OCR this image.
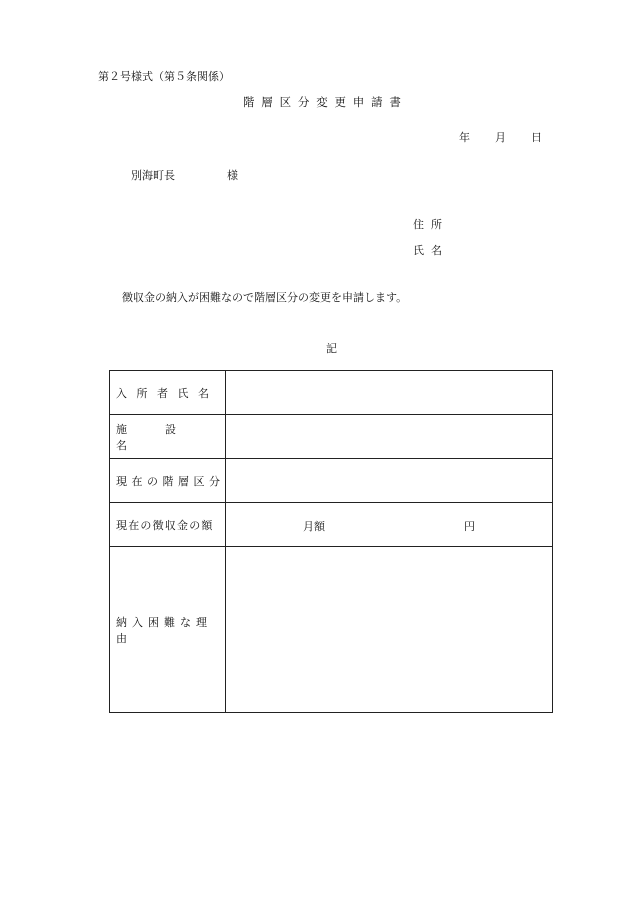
第２号様式（第５条関係）
階層区分変更申請書
年 月 日
別海町長	様
住所
氏名
徴収金の納入が困難なので階層区分の変更を申請します。
記
入所者氏名	
施設名	
現在の階層区分	
現在の徴収金の額	月額 円

納入困難な理由	
